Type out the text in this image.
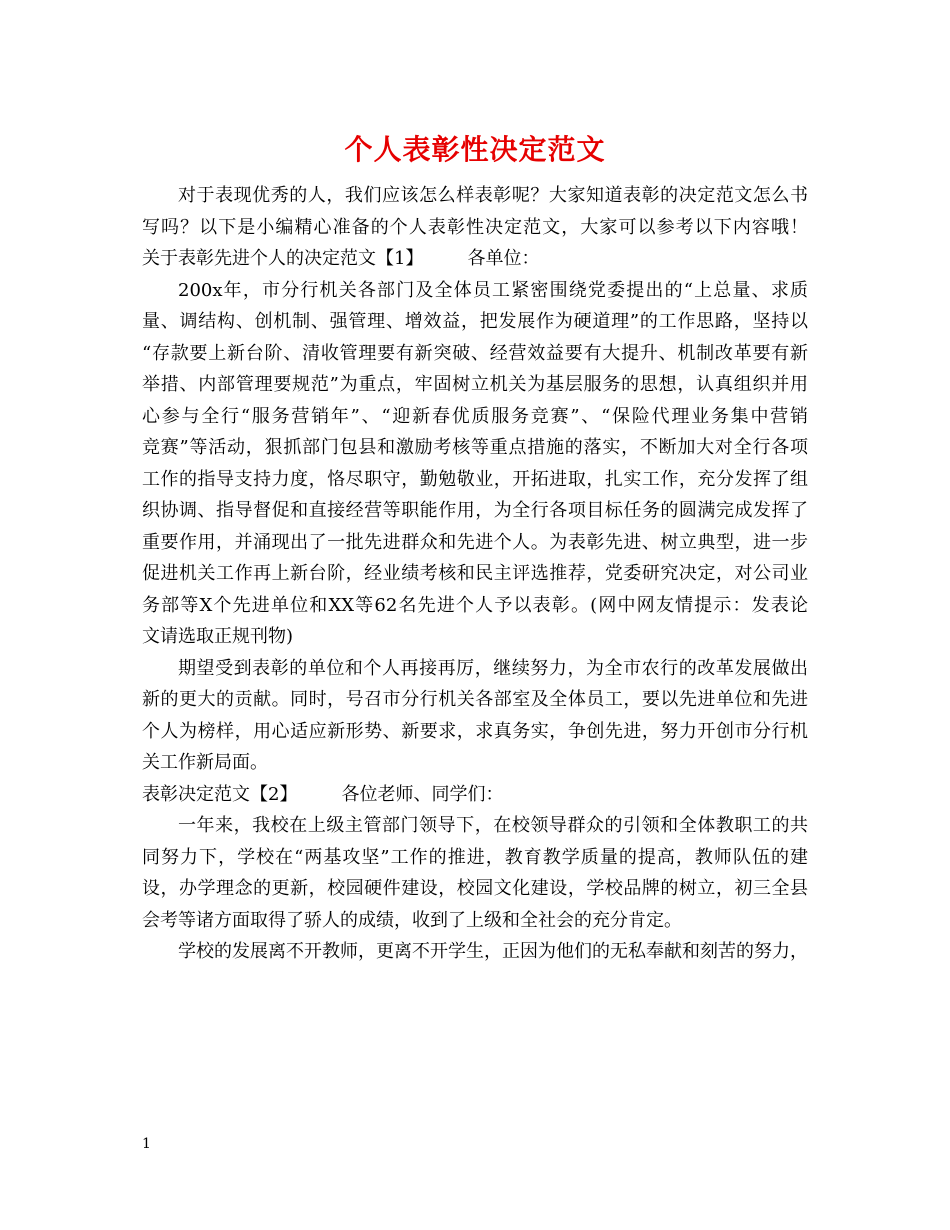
个人表彰性决定范文
对于表现优秀的人，我们应该怎么样表彰呢？大家知道表彰的决定范文怎么书
写吗？以下是小编精心准备的个人表彰性决定范文，大家可以参考以下内容哦！
关于表彰先进个人的决定范文【1】 各单位：
200x年，市分行机关各部门及全体员工紧密围绕党委提出的“上总量、求质
量、调结构、创机制、强管理、增效益，把发展作为硬道理”的工作思路，坚持以
“存款要上新台阶、清收管理要有新突破、经营效益要有大提升、机制改革要有新
举措、内部管理要规范”为重点，牢固树立机关为基层服务的思想，认真组织并用
心参与全行“服务营销年”、“迎新春优质服务竞赛”、“保险代理业务集中营销
竞赛”等活动，狠抓部门包县和激励考核等重点措施的落实，不断加大对全行各项
工作的指导支持力度，恪尽职守，勤勉敬业，开拓进取，扎实工作，充分发挥了组
织协调、指导督促和直接经营等职能作用，为全行各项目标任务的圆满完成发挥了
重要作用，并涌现出了一批先进群众和先进个人。为表彰先进、树立典型，进一步
促进机关工作再上新台阶，经业绩考核和民主评选推荐，党委研究决定，对公司业
务部等X个先进单位和XX等62名先进个人予以表彰。(网中网友情提示：发表论
文请选取正规刊物)
期望受到表彰的单位和个人再接再厉，继续努力，为全市农行的改革发展做出
新的更大的贡献。同时，号召市分行机关各部室及全体员工，要以先进单位和先进
个人为榜样，用心适应新形势、新要求，求真务实，争创先进，努力开创市分行机
关工作新局面。
表彰决定范文【2】 各位老师、同学们：
一年来，我校在上级主管部门领导下，在校领导群众的引领和全体教职工的共
同努力下，学校在“两基攻坚”工作的推进，教育教学质量的提高，教师队伍的建
设，办学理念的更新，校园硬件建设，校园文化建设，学校品牌的树立，初三全县
会考等诸方面取得了骄人的成绩，收到了上级和全社会的充分肯定。
学校的发展离不开教师，更离不开学生，正因为他们的无私奉献和刻苦的努力，
1
